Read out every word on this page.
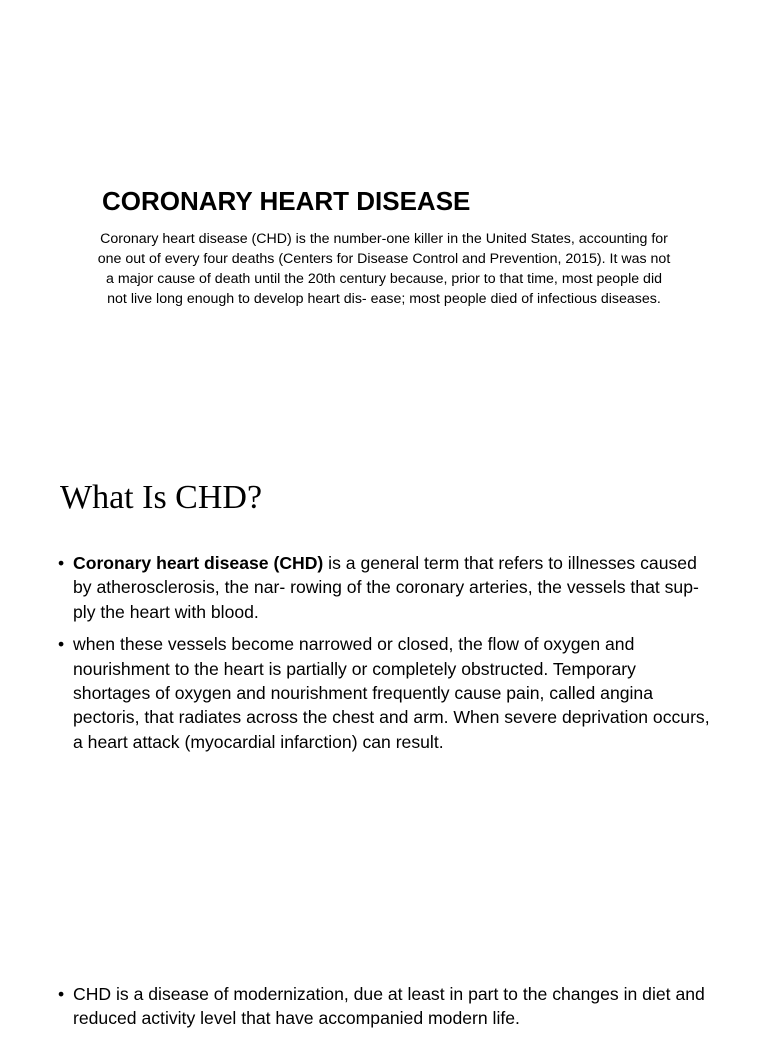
CORONARY HEART DISEASE

Coronary heart disease (CHD) is the number-one killer in the United States, accounting for one out of every four deaths (Centers for Disease Control and Prevention, 2015). It was not a major cause of death until the 20th century because, prior to that time, most people did not live long enough to develop heart dis- ease; most people died of infectious diseases.

What Is CHD?
• Coronary heart disease (CHD) is a general term that refers to illnesses caused by atherosclerosis, the nar- rowing of the coronary arteries, the vessels that sup- ply the heart with blood.
• when these vessels become narrowed or closed, the flow of oxygen and nourishment to the heart is partially or completely obstructed. Temporary shortages of oxygen and nourishment frequently cause pain, called angina pectoris, that radiates across the chest and arm. When severe deprivation occurs, a heart attack (myocardial infarction) can result.
• CHD is a disease of modernization, due at least in part to the changes in diet and reduced activity level that have accompanied modern life.
